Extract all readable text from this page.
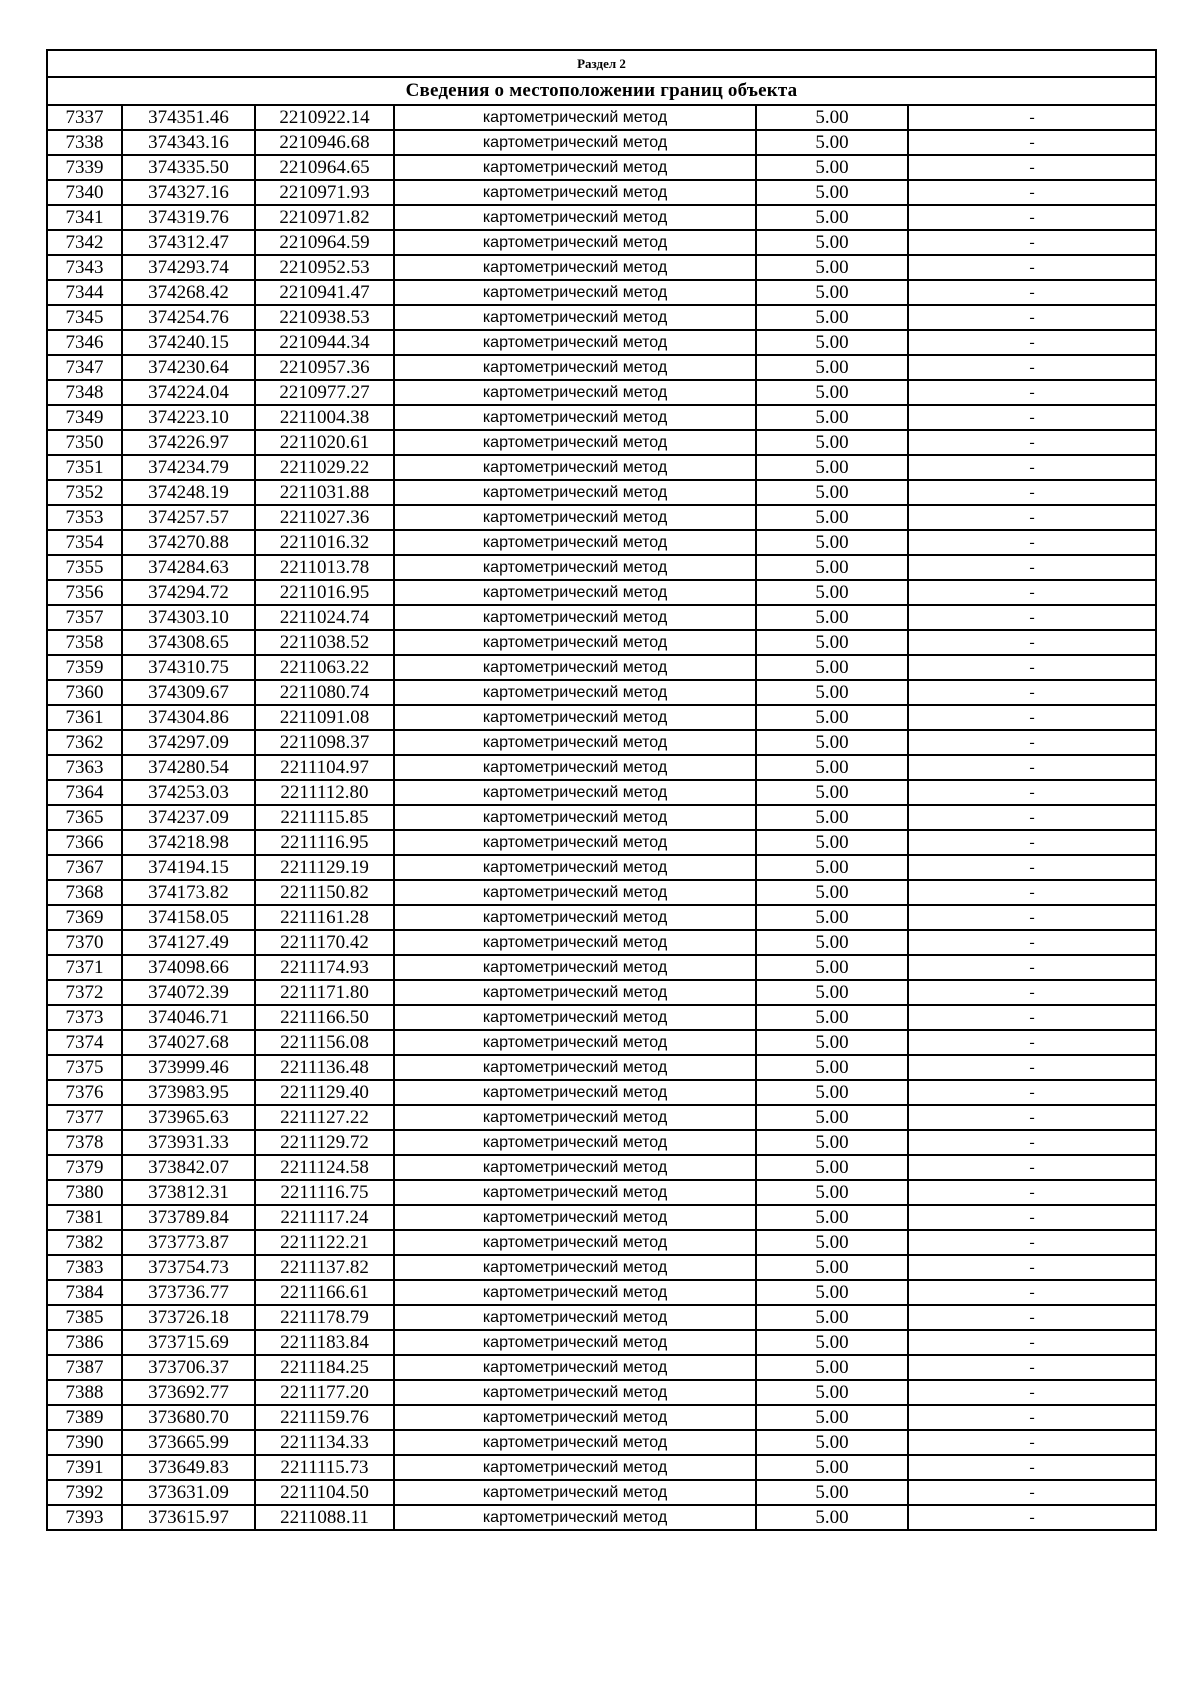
Раздел 2					
Сведения о местоположении границ объекта					
7337	374351.46	2210922.14	картометрический метод	5.00	-
7338	374343.16	2210946.68	картометрический метод	5.00	-
7339	374335.50	2210964.65	картометрический метод	5.00	-
7340	374327.16	2210971.93	картометрический метод	5.00	-
7341	374319.76	2210971.82	картометрический метод	5.00	-
7342	374312.47	2210964.59	картометрический метод	5.00	-
7343	374293.74	2210952.53	картометрический метод	5.00	-
7344	374268.42	2210941.47	картометрический метод	5.00	-
7345	374254.76	2210938.53	картометрический метод	5.00	-
7346	374240.15	2210944.34	картометрический метод	5.00	-
7347	374230.64	2210957.36	картометрический метод	5.00	-
7348	374224.04	2210977.27	картометрический метод	5.00	-
7349	374223.10	2211004.38	картометрический метод	5.00	-
7350	374226.97	2211020.61	картометрический метод	5.00	-
7351	374234.79	2211029.22	картометрический метод	5.00	-
7352	374248.19	2211031.88	картометрический метод	5.00	-
7353	374257.57	2211027.36	картометрический метод	5.00	-
7354	374270.88	2211016.32	картометрический метод	5.00	-
7355	374284.63	2211013.78	картометрический метод	5.00	-
7356	374294.72	2211016.95	картометрический метод	5.00	-
7357	374303.10	2211024.74	картометрический метод	5.00	-
7358	374308.65	2211038.52	картометрический метод	5.00	-
7359	374310.75	2211063.22	картометрический метод	5.00	-
7360	374309.67	2211080.74	картометрический метод	5.00	-
7361	374304.86	2211091.08	картометрический метод	5.00	-
7362	374297.09	2211098.37	картометрический метод	5.00	-
7363	374280.54	2211104.97	картометрический метод	5.00	-
7364	374253.03	2211112.80	картометрический метод	5.00	-
7365	374237.09	2211115.85	картометрический метод	5.00	-
7366	374218.98	2211116.95	картометрический метод	5.00	-
7367	374194.15	2211129.19	картометрический метод	5.00	-
7368	374173.82	2211150.82	картометрический метод	5.00	-
7369	374158.05	2211161.28	картометрический метод	5.00	-
7370	374127.49	2211170.42	картометрический метод	5.00	-
7371	374098.66	2211174.93	картометрический метод	5.00	-
7372	374072.39	2211171.80	картометрический метод	5.00	-
7373	374046.71	2211166.50	картометрический метод	5.00	-
7374	374027.68	2211156.08	картометрический метод	5.00	-
7375	373999.46	2211136.48	картометрический метод	5.00	-
7376	373983.95	2211129.40	картометрический метод	5.00	-
7377	373965.63	2211127.22	картометрический метод	5.00	-
7378	373931.33	2211129.72	картометрический метод	5.00	-
7379	373842.07	2211124.58	картометрический метод	5.00	-
7380	373812.31	2211116.75	картометрический метод	5.00	-
7381	373789.84	2211117.24	картометрический метод	5.00	-
7382	373773.87	2211122.21	картометрический метод	5.00	-
7383	373754.73	2211137.82	картометрический метод	5.00	-
7384	373736.77	2211166.61	картометрический метод	5.00	-
7385	373726.18	2211178.79	картометрический метод	5.00	-
7386	373715.69	2211183.84	картометрический метод	5.00	-
7387	373706.37	2211184.25	картометрический метод	5.00	-
7388	373692.77	2211177.20	картометрический метод	5.00	-
7389	373680.70	2211159.76	картометрический метод	5.00	-
7390	373665.99	2211134.33	картометрический метод	5.00	-
7391	373649.83	2211115.73	картометрический метод	5.00	-
7392	373631.09	2211104.50	картометрический метод	5.00	-
7393	373615.97	2211088.11	картометрический метод	5.00	-
